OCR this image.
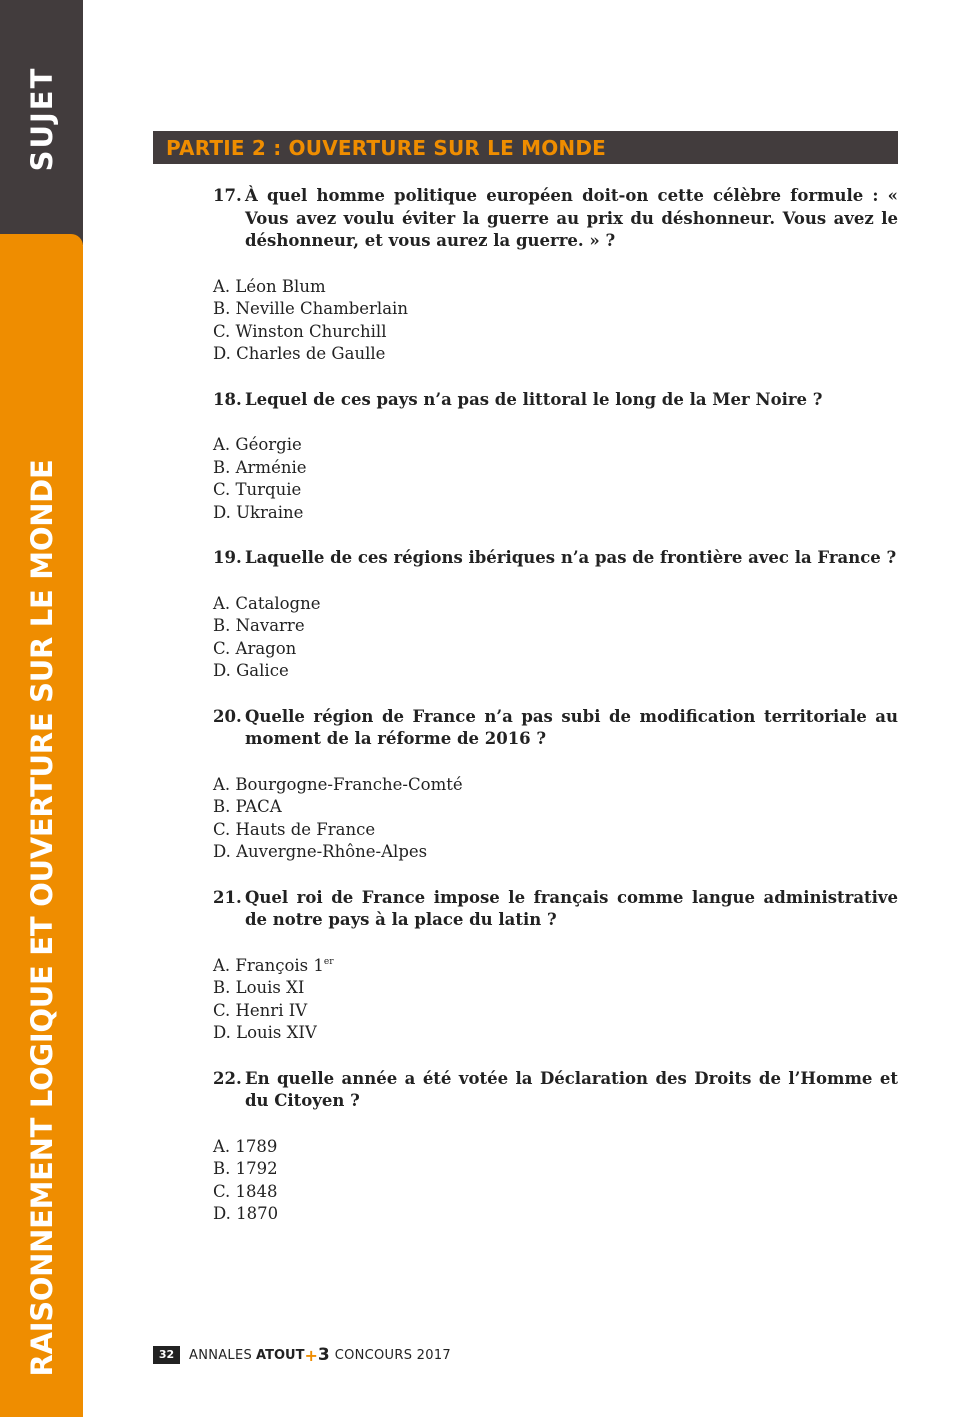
SUJET
RAISONNEMENT LOGIQUE ET OUVERTURE SUR LE MONDE
PARTIE 2 : OUVERTURE SUR LE MONDE
17. À quel homme politique européen doit-on cette célèbre formule : « Vous avez voulu éviter la guerre au prix du déshonneur. Vous avez le déshonneur, et vous aurez la guerre. » ?
A. Léon Blum
B. Neville Chamberlain
C. Winston Churchill
D. Charles de Gaulle
18. Lequel de ces pays n’a pas de littoral le long de la Mer Noire ?
A. Géorgie
B. Arménie
C. Turquie
D. Ukraine
19. Laquelle de ces régions ibériques n’a pas de frontière avec la France ?
A. Catalogne
B. Navarre
C. Aragon
D. Galice
20. Quelle région de France n’a pas subi de modification territoriale au moment de la réforme de 2016 ?
A. Bourgogne-Franche-Comté
B. PACA
C. Hauts de France
D. Auvergne-Rhône-Alpes
21. Quel roi de France impose le français comme langue administrative de notre pays à la place du latin ?
A. François 1er
B. Louis XI
C. Henri IV
D. Louis XIV
22. En quelle année a été votée la Déclaration des Droits de l’Homme et du Citoyen ?
A. 1789
B. 1792
C. 1848
D. 1870
32	ANNALES ATOUT + 3 CONCOURS 2017
